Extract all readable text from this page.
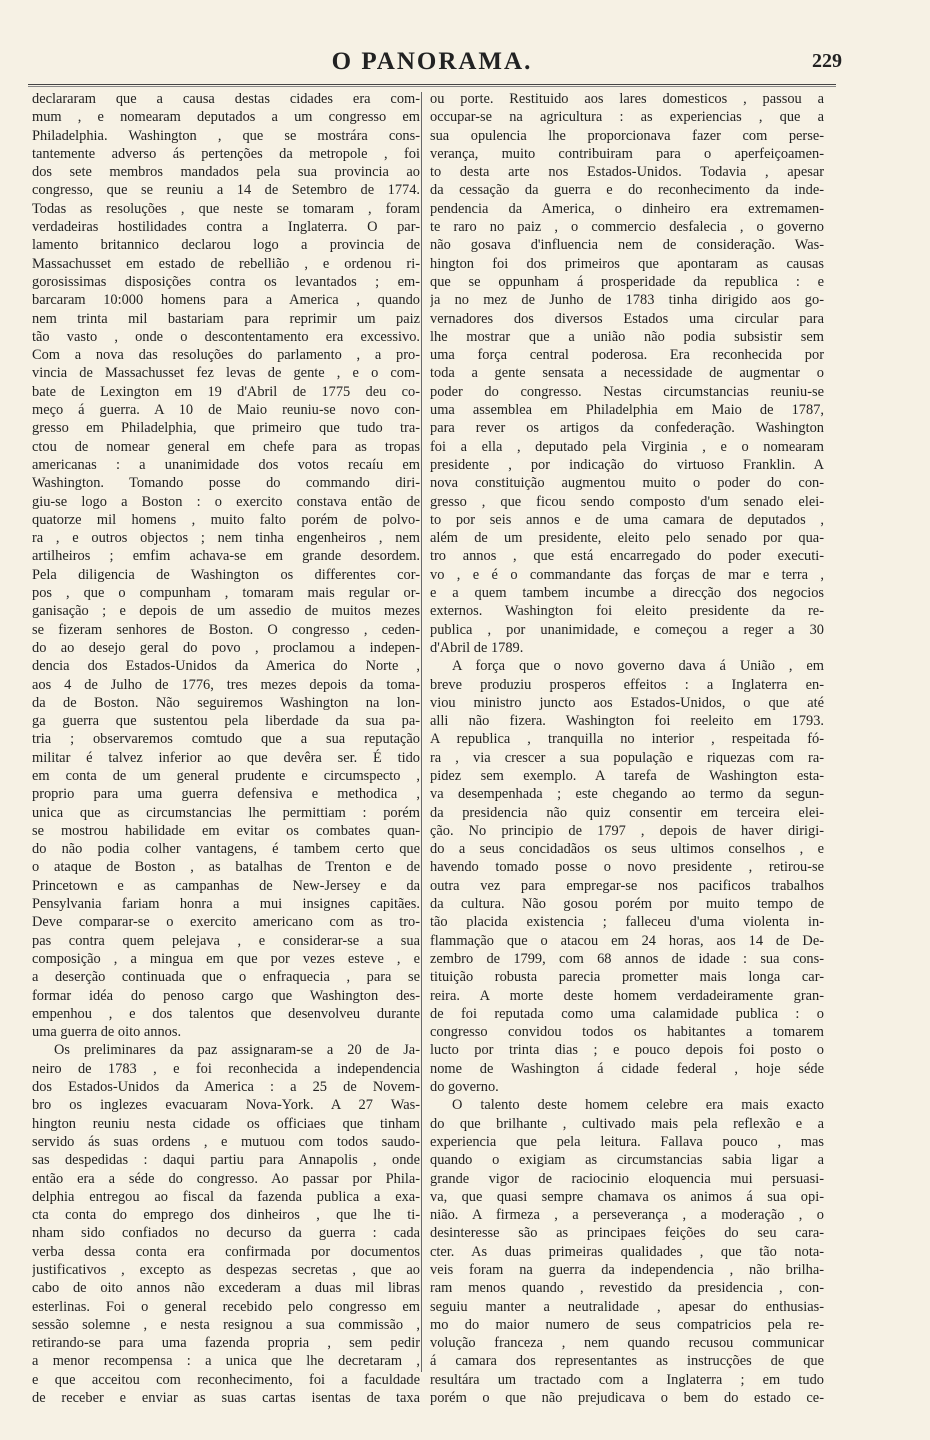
O PANORAMA.	229
declararam que a causa destas cidades era com-
mum , e nomearam deputados a um congresso em
Philadelphia. Washington , que se mostrára cons-
tantemente adverso ás pertenções da metropole , foi
dos sete membros mandados pela sua provincia ao
congresso, que se reuniu a 14 de Setembro de 1774.
Todas as resoluções , que neste se tomaram , foram
verdadeiras hostilidades contra a Inglaterra. O par-
lamento britannico declarou logo a provincia de
Massachusset em estado de rebellião , e ordenou ri-
gorosissimas disposições contra os levantados ; em-
barcaram 10:000 homens para a America , quando
nem trinta mil bastariam para reprimir um paiz
tão vasto , onde o descontentamento era excessivo.
Com a nova das resoluções do parlamento , a pro-
vincia de Massachusset fez levas de gente , e o com-
bate de Lexington em 19 d'Abril de 1775 deu co-
meço á guerra. A 10 de Maio reuniu-se novo con-
gresso em Philadelphia, que primeiro que tudo tra-
ctou de nomear general em chefe para as tropas
americanas : a unanimidade dos votos recaíu em
Washington. Tomando posse do commando diri-
giu-se logo a Boston : o exercito constava então de
quatorze mil homens , muito falto porém de polvo-
ra , e outros objectos ; nem tinha engenheiros , nem
artilheiros ; emfim achava-se em grande desordem.
Pela diligencia de Washington os differentes cor-
pos , que o compunham , tomaram mais regular or-
ganisação ; e depois de um assedio de muitos mezes
se fizeram senhores de Boston. O congresso , ceden-
do ao desejo geral do povo , proclamou a indepen-
dencia dos Estados-Unidos da America do Norte ,
aos 4 de Julho de 1776, tres mezes depois da toma-
da de Boston. Não seguiremos Washington na lon-
ga guerra que sustentou pela liberdade da sua pa-
tria ; observaremos comtudo que a sua reputação
militar é talvez inferior ao que devêra ser. É tido
em conta de um general prudente e circumspecto ,
proprio para uma guerra defensiva e methodica ,
unica que as circumstancias lhe permittiam : porém
se mostrou habilidade em evitar os combates quan-
do não podia colher vantagens, é tambem certo que
o ataque de Boston , as batalhas de Trenton e de
Princetown e as campanhas de New-Jersey e da
Pensylvania fariam honra a mui insignes capitães.
Deve comparar-se o exercito americano com as tro-
pas contra quem pelejava , e considerar-se a sua
composição , a mingua em que por vezes esteve , e
a deserção continuada que o enfraquecia , para se
formar idéa do penoso cargo que Washington des-
empenhou , e dos talentos que desenvolveu durante
uma guerra de oito annos.
Os preliminares da paz assignaram-se a 20 de Ja-
neiro de 1783 , e foi reconhecida a independencia
dos Estados-Unidos da America : a 25 de Novem-
bro os inglezes evacuaram Nova-York. A 27 Was-
hington reuniu nesta cidade os officiaes que tinham
servido ás suas ordens , e mutuou com todos saudo-
sas despedidas : daqui partiu para Annapolis , onde
então era a séde do congresso. Ao passar por Phila-
delphia entregou ao fiscal da fazenda publica a exa-
cta conta do emprego dos dinheiros , que lhe ti-
nham sido confiados no decurso da guerra : cada
verba dessa conta era confirmada por documentos
justificativos , excepto as despezas secretas , que ao
cabo de oito annos não excederam a duas mil libras
esterlinas. Foi o general recebido pelo congresso em
sessão solemne , e nesta resignou a sua commissão ,
retirando-se para uma fazenda propria , sem pedir
a menor recompensa : a unica que lhe decretaram ,
e que acceitou com reconhecimento, foi a faculdade
de receber e enviar as suas cartas isentas de taxa
ou porte. Restituido aos lares domesticos , passou a
occupar-se na agricultura : as experiencias , que a
sua opulencia lhe proporcionava fazer com perse-
verança, muito contribuiram para o aperfeiçoamen-
to desta arte nos Estados-Unidos. Todavia , apesar
da cessação da guerra e do reconhecimento da inde-
pendencia da America, o dinheiro era extremamen-
te raro no paiz , o commercio desfalecia , o governo
não gosava d'influencia nem de consideração. Was-
hington foi dos primeiros que apontaram as causas
que se oppunham á prosperidade da republica : e
ja no mez de Junho de 1783 tinha dirigido aos go-
vernadores dos diversos Estados uma circular para
lhe mostrar que a união não podia subsistir sem
uma força central poderosa. Era reconhecida por
toda a gente sensata a necessidade de augmentar o
poder do congresso. Nestas circumstancias reuniu-se
uma assemblea em Philadelphia em Maio de 1787,
para rever os artigos da confederação. Washington
foi a ella , deputado pela Virginia , e o nomearam
presidente , por indicação do virtuoso Franklin. A
nova constituição augmentou muito o poder do con-
gresso , que ficou sendo composto d'um senado elei-
to por seis annos e de uma camara de deputados ,
além de um presidente, eleito pelo senado por qua-
tro annos , que está encarregado do poder executi-
vo , e é o commandante das forças de mar e terra ,
e a quem tambem incumbe a direcção dos negocios
externos. Washington foi eleito presidente da re-
publica , por unanimidade, e começou a reger a 30
d'Abril de 1789.
A força que o novo governo dava á União , em
breve produziu prosperos effeitos : a Inglaterra en-
viou ministro juncto aos Estados-Unidos, o que até
alli não fizera. Washington foi reeleito em 1793.
A republica , tranquilla no interior , respeitada fó-
ra , via crescer a sua população e riquezas com ra-
pidez sem exemplo. A tarefa de Washington esta-
va desempenhada ; este chegando ao termo da segun-
da presidencia não quiz consentir em terceira elei-
ção. No principio de 1797 , depois de haver dirigi-
do a seus concidadãos os seus ultimos conselhos , e
havendo tomado posse o novo presidente , retirou-se
outra vez para empregar-se nos pacificos trabalhos
da cultura. Não gosou porém por muito tempo de
tão placida existencia ; falleceu d'uma violenta in-
flammação que o atacou em 24 horas, aos 14 de De-
zembro de 1799, com 68 annos de idade : sua cons-
tituição robusta parecia prometter mais longa car-
reira. A morte deste homem verdadeiramente gran-
de foi reputada como uma calamidade publica : o
congresso convidou todos os habitantes a tomarem
lucto por trinta dias ; e pouco depois foi posto o
nome de Washington á cidade federal , hoje séde
do governo.
O talento deste homem celebre era mais exacto
do que brilhante , cultivado mais pela reflexão e a
experiencia que pela leitura. Fallava pouco , mas
quando o exigiam as circumstancias sabia ligar a
grande vigor de raciocinio eloquencia mui persuasi-
va, que quasi sempre chamava os animos á sua opi-
nião. A firmeza , a perseverança , a moderação , o
desinteresse são as principaes feições do seu cara-
cter. As duas primeiras qualidades , que tão nota-
veis foram na guerra da independencia , não brilha-
ram menos quando , revestido da presidencia , con-
seguiu manter a neutralidade , apesar do enthusias-
mo do maior numero de seus compatricios pela re-
volução franceza , nem quando recusou communicar
á camara dos representantes as instrucções de que
resultára um tractado com a Inglaterra ; em tudo
porém o que não prejudicava o bem do estado ce-
